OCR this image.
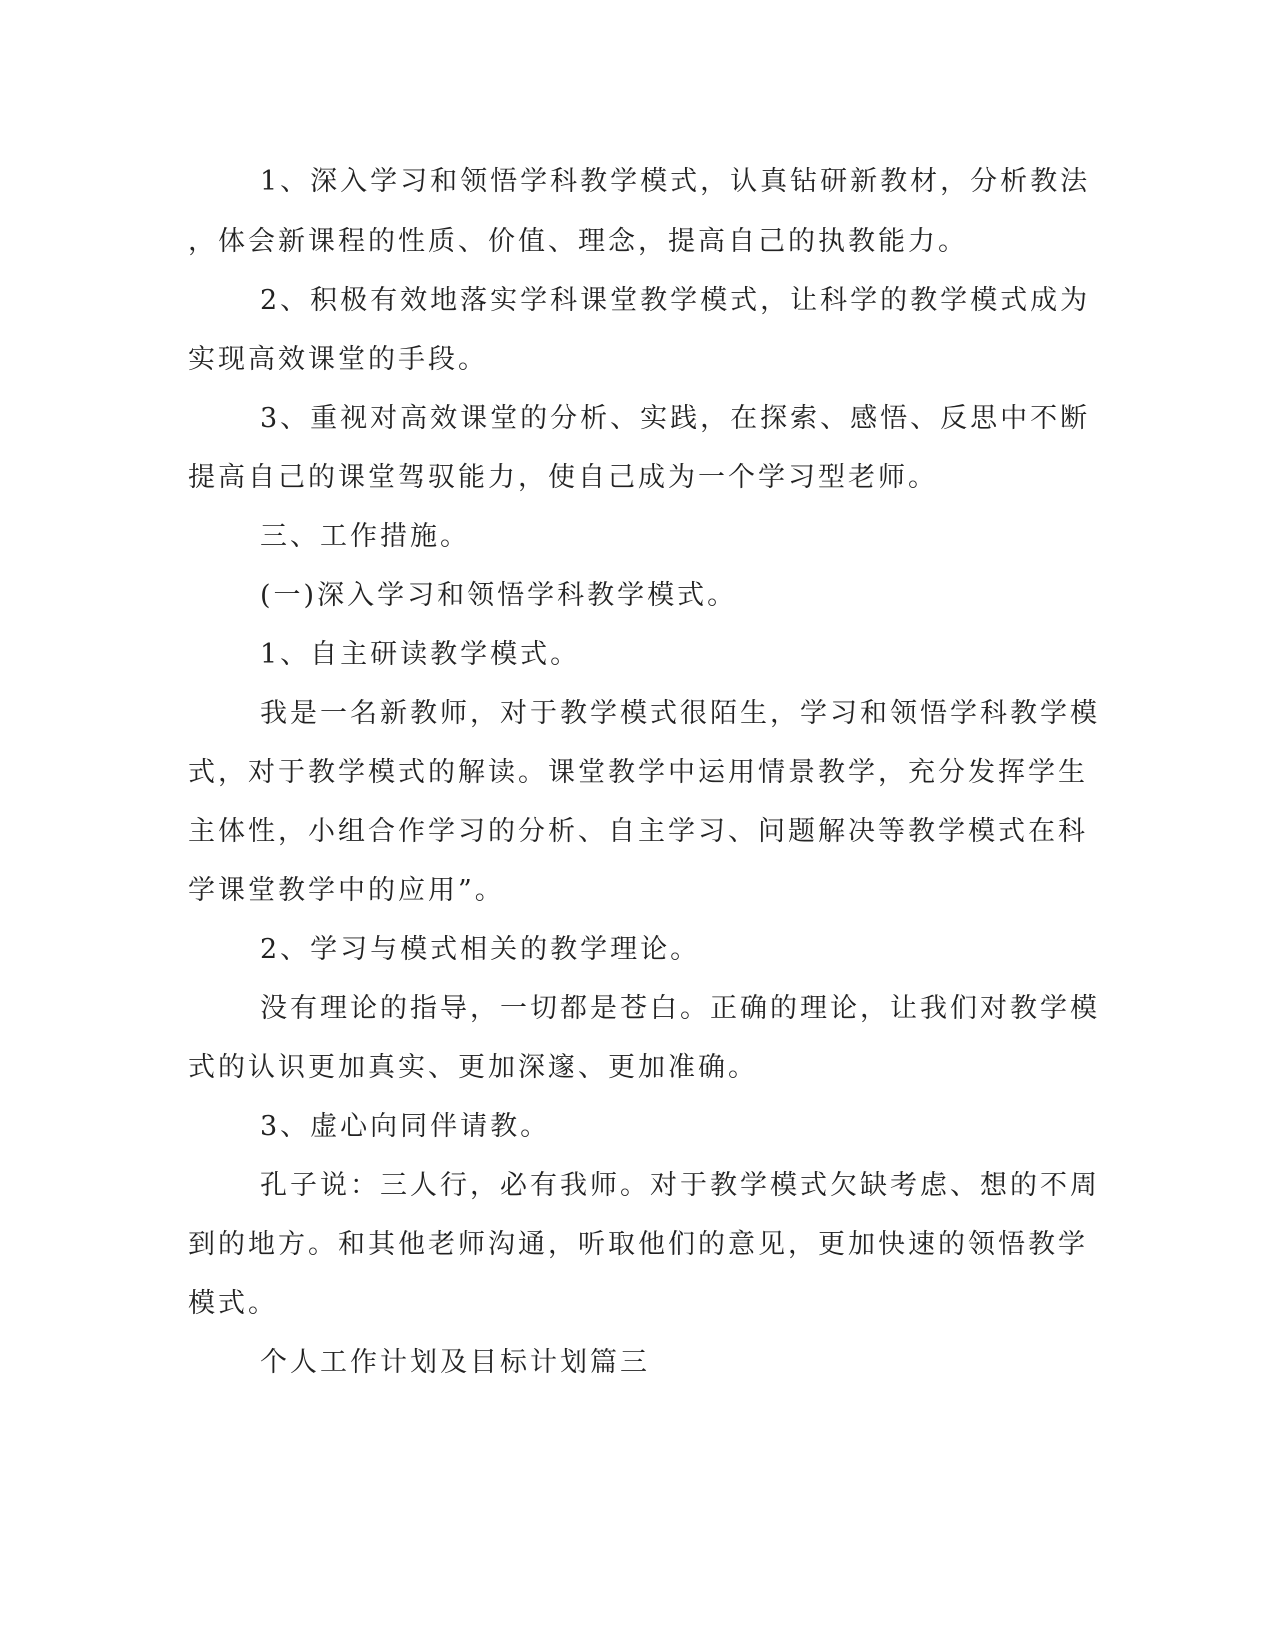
1、深入学习和领悟学科教学模式，认真钻研新教材，分析教法
，体会新课程的性质、价值、理念，提高自己的执教能力。
2、积极有效地落实学科课堂教学模式，让科学的教学模式成为
实现高效课堂的手段。
3、重视对高效课堂的分析、实践，在探索、感悟、反思中不断
提高自己的课堂驾驭能力，使自己成为一个学习型老师。
三、工作措施。
(一)深入学习和领悟学科教学模式。
1、自主研读教学模式。
我是一名新教师，对于教学模式很陌生，学习和领悟学科教学模
式，对于教学模式的解读。课堂教学中运用情景教学，充分发挥学生
主体性，小组合作学习的分析、自主学习、问题解决等教学模式在科
学课堂教学中的应用”。
2、学习与模式相关的教学理论。
没有理论的指导，一切都是苍白。正确的理论，让我们对教学模
式的认识更加真实、更加深邃、更加准确。
3、虚心向同伴请教。
孔子说：三人行，必有我师。对于教学模式欠缺考虑、想的不周
到的地方。和其他老师沟通，听取他们的意见，更加快速的领悟教学
模式。
个人工作计划及目标计划篇三
